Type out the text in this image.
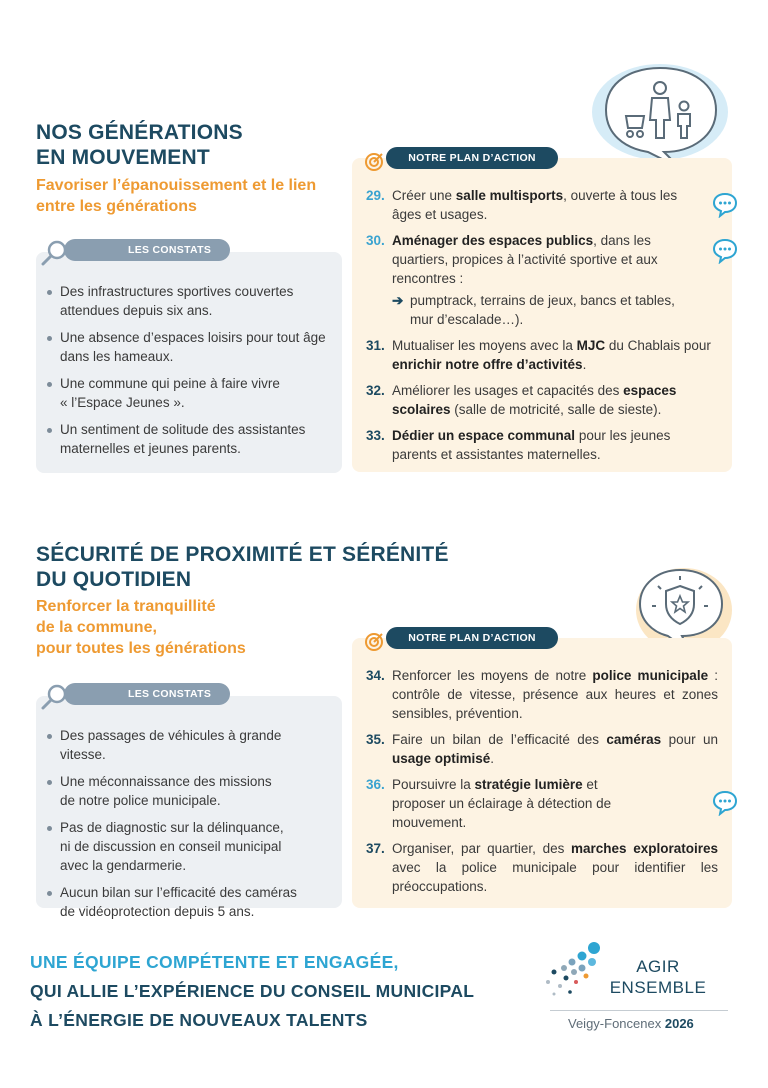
NOS GÉNÉRATIONS
EN MOUVEMENT
Favoriser l’épanouissement et le lien
entre les générations
LES CONSTATS
Des infrastructures sportives couvertes
attendues depuis six ans.
Une absence d’espaces loisirs pour tout âge
dans les hameaux.
Une commune qui peine à faire vivre
« l’Espace Jeunes ».
Un sentiment de solitude des assistantes
maternelles et jeunes parents.
NOTRE PLAN D’ACTION
29. Créer une salle multisports, ouverte à tous les âges et usages.
30. Aménager des espaces publics, dans les quartiers, propices à l’activité sportive et aux rencontres :
➔ pumptrack, terrains de jeux, bancs et tables, mur d’escalade…).
31. Mutualiser les moyens avec la MJC du Chablais pour enrichir notre offre d’activités.
32. Améliorer les usages et capacités des espaces scolaires (salle de motricité, salle de sieste).
33. Dédier un espace communal pour les jeunes parents et assistantes maternelles.
SÉCURITÉ DE PROXIMITÉ ET SÉRÉNITÉ
DU QUOTIDIEN
Renforcer la tranquillité
de la commune,
pour toutes les générations
LES CONSTATS
Des passages de véhicules à grande vitesse.
Une méconnaissance des missions
de notre police municipale.
Pas de diagnostic sur la délinquance,
ni de discussion en conseil municipal
avec la gendarmerie.
Aucun bilan sur l’efficacité des caméras
de vidéoprotection depuis 5 ans.
NOTRE PLAN D’ACTION
34. Renforcer les moyens de notre police municipale : contrôle de vitesse, présence aux heures et zones sensibles, prévention.
35. Faire un bilan de l’efficacité des caméras pour un usage optimisé.
36. Poursuivre la stratégie lumière et proposer un éclairage à détection de mouvement.
37. Organiser, par quartier, des marches exploratoires avec la police municipale pour identifier les préoccupations.
UNE ÉQUIPE COMPÉTENTE ET ENGAGÉE,
QUI ALLIE L’EXPÉRIENCE DU CONSEIL MUNICIPAL
À L’ÉNERGIE DE NOUVEAUX TALENTS
AGIR
ENSEMBLE
Veigy-Foncenex 2026
